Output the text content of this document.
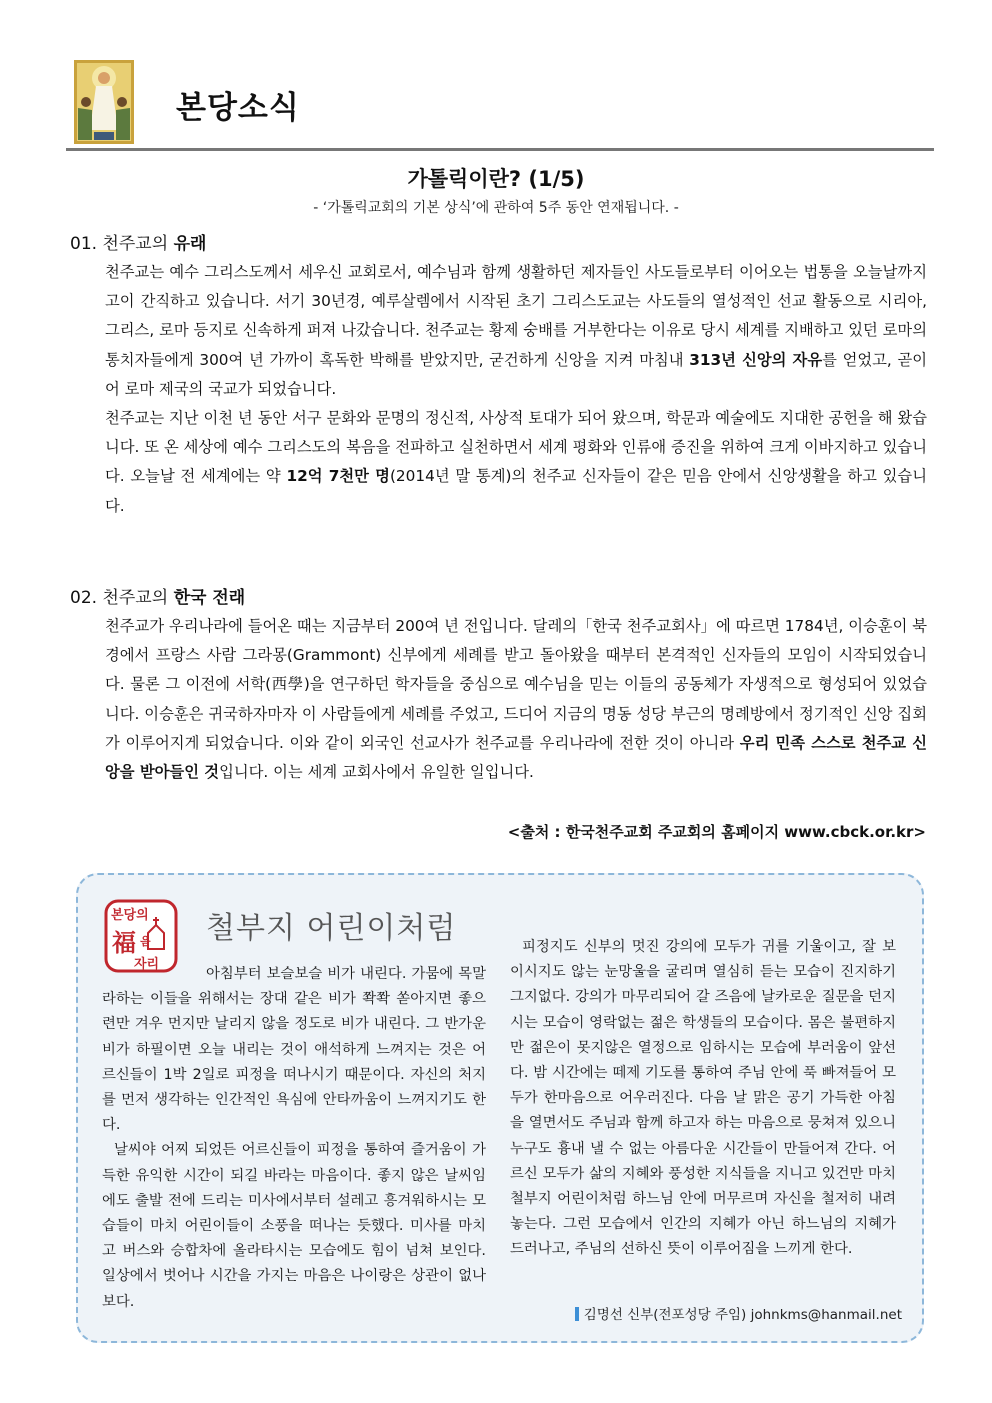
본당소식
가톨릭이란? (1/5)
- ‘가톨릭교회의 기본 상식’에 관하여 5주 동안 연재됩니다. -
01. 천주교의 유래

천주교는 예수 그리스도께서 세우신 교회로서, 예수님과 함께 생활하던 제자들인 사도들로부터 이어오는 법통을 오늘날까지 고이 간직하고 있습니다. 서기 30년경, 예루살렘에서 시작된 초기 그리스도교는 사도들의 열성적인 선교 활동으로 시리아, 그리스, 로마 등지로 신속하게 퍼져 나갔습니다. 천주교는 황제 숭배를 거부한다는 이유로 당시 세계를 지배하고 있던 로마의 통치자들에게 300여 년 가까이 혹독한 박해를 받았지만, 굳건하게 신앙을 지켜 마침내 313년 신앙의 자유를 얻었고, 곧이어 로마 제국의 국교가 되었습니다.

천주교는 지난 이천 년 동안 서구 문화와 문명의 정신적, 사상적 토대가 되어 왔으며, 학문과 예술에도 지대한 공헌을 해 왔습니다. 또 온 세상에 예수 그리스도의 복음을 전파하고 실천하면서 세계 평화와 인류애 증진을 위하여 크게 이바지하고 있습니다. 오늘날 전 세계에는 약 12억 7천만 명(2014년 말 통계)의 천주교 신자들이 같은 믿음 안에서 신앙생활을 하고 있습니다.

02. 천주교의 한국 전래

천주교가 우리나라에 들어온 때는 지금부터 200여 년 전입니다. 달레의「한국 천주교회사」에 따르면 1784년, 이승훈이 북경에서 프랑스 사람 그라몽(Grammont) 신부에게 세례를 받고 돌아왔을 때부터 본격적인 신자들의 모임이 시작되었습니다. 물론 그 이전에 서학(西學)을 연구하던 학자들을 중심으로 예수님을 믿는 이들의 공동체가 자생적으로 형성되어 있었습니다. 이승훈은 귀국하자마자 이 사람들에게 세례를 주었고, 드디어 지금의 명동 성당 부근의 명례방에서 정기적인 신앙 집회가 이루어지게 되었습니다. 이와 같이 외국인 선교사가 천주교를 우리나라에 전한 것이 아니라 우리 민족 스스로 천주교 신앙을 받아들인 것입니다. 이는 세계 교회사에서 유일한 일입니다.

<출처 : 한국천주교회 주교회의 홈페이지 www.cbck.or.kr>
본당의
福 음
자리
철부지 어린이처럼

아침부터 보슬보슬 비가 내린다. 가뭄에 목말라하는 이들을 위해서는 장대 같은 비가 쫙쫙 쏟아지면 좋으련만 겨우 먼지만 날리지 않을 정도로 비가 내린다. 그 반가운 비가 하필이면 오늘 내리는 것이 애석하게 느껴지는 것은 어르신들이 1박 2일로 피정을 떠나시기 때문이다. 자신의 처지를 먼저 생각하는 인간적인 욕심에 안타까움이 느껴지기도 한다.

날씨야 어찌 되었든 어르신들이 피정을 통하여 즐거움이 가득한 유익한 시간이 되길 바라는 마음이다. 좋지 않은 날씨임에도 출발 전에 드리는 미사에서부터 설레고 흥겨워하시는 모습들이 마치 어린이들이 소풍을 떠나는 듯했다. 미사를 마치고 버스와 승합차에 올라타시는 모습에도 힘이 넘쳐 보인다. 일상에서 벗어나 시간을 가지는 마음은 나이랑은 상관이 없나 보다.

피정지도 신부의 멋진 강의에 모두가 귀를 기울이고, 잘 보이시지도 않는 눈망울을 굴리며 열심히 듣는 모습이 진지하기 그지없다. 강의가 마무리되어 갈 즈음에 날카로운 질문을 던지시는 모습이 영락없는 젊은 학생들의 모습이다. 몸은 불편하지만 젊은이 못지않은 열정으로 임하시는 모습에 부러움이 앞선다. 밤 시간에는 떼제 기도를 통하여 주님 안에 푹 빠져들어 모두가 한마음으로 어우러진다. 다음 날 맑은 공기 가득한 아침을 열면서도 주님과 함께 하고자 하는 마음으로 뭉쳐져 있으니 누구도 흉내 낼 수 없는 아름다운 시간들이 만들어져 간다. 어르신 모두가 삶의 지혜와 풍성한 지식들을 지니고 있건만 마치 철부지 어린이처럼 하느님 안에 머무르며 자신을 철저히 내려놓는다. 그런 모습에서 인간의 지혜가 아닌 하느님의 지혜가 드러나고, 주님의 선하신 뜻이 이루어짐을 느끼게 한다.

김명선 신부(전포성당 주임) johnkms@hanmail.net
